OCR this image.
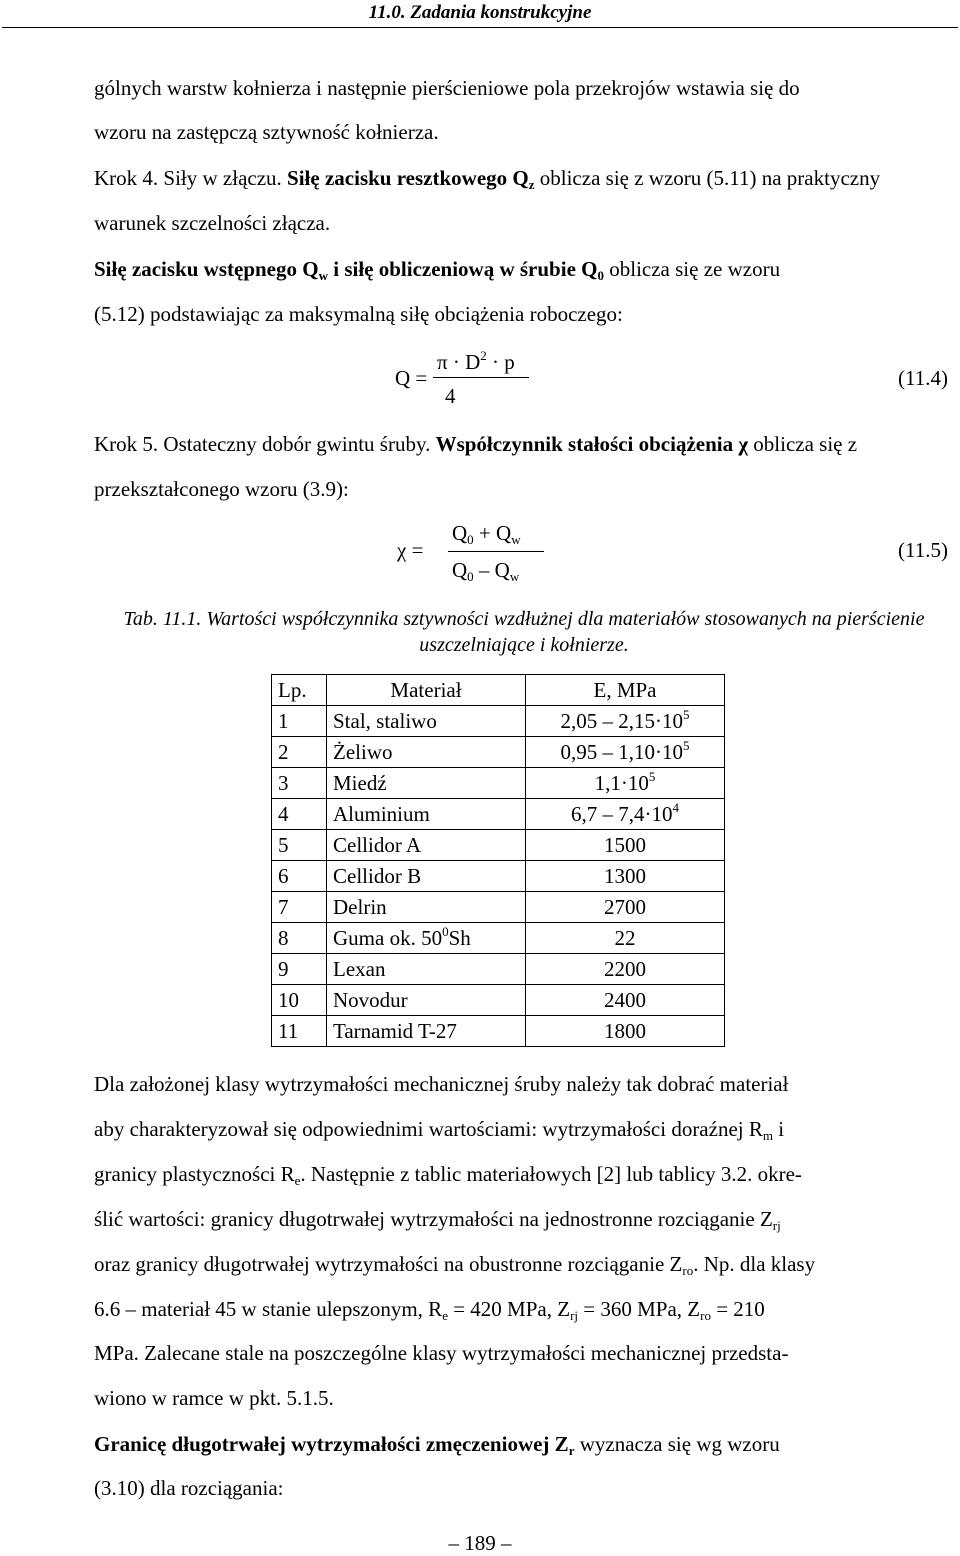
11.0. Zadania konstrukcyjne
gólnych warstw kołnierza i następnie pierścieniowe pola przekrojów wstawia się do
wzoru na zastępczą sztywność kołnierza.
Krok 4. Siły w złączu. Siłę zacisku resztkowego $Q_z$ oblicza się z wzoru (5.11) na praktyczny
warunek szczelności złącza.
Siłę zacisku wstępnego $Q_w$ i siłę obliczeniową w śrubie $Q_0$ oblicza się ze wzoru
(5.12) podstawiając za maksymalną siłę obciążenia roboczego:
Q =
$\pi \cdot D^2 \cdot p$
4
(11.4)
Krok 5. Ostateczny dobór gwintu śruby. Współczynnik stałości obciążenia χ oblicza się z
przekształconego wzoru (3.9):
χ =
$Q_0 + Q_w$
$Q_0 - Q_w$
(11.5)
Tab. 11.1. Wartości współczynnika sztywności wzdłużnej dla materiałów stosowanych na pierścienie
uszczelniające i kołnierze.
Lp.	Materiał	E, MPa
1	Stal, staliwo	$2,05 - 2,15\cdot 10^5$
2	Żeliwo	$0,95 - 1,10\cdot 10^5$
3	Miedź	$1,1\cdot 10^5$
4	Aluminium	$6,7 - 7,4\cdot 10^4$
5	Cellidor A	1500
6	Cellidor B	1300
7	Delrin	2700
8	Guma ok. $50^0Sh$	22
9	Lexan	2200
10	Novodur	2400
11	Tarnamid T-27	1800
Dla założonej klasy wytrzymałości mechanicznej śruby należy tak dobrać materiał
aby charakteryzował się odpowiednimi wartościami: wytrzymałości doraźnej $R_m$ i
granicy plastyczności $R_e$. Następnie z tablic materiałowych [2] lub tablicy 3.2. okre-
ślić wartości: granicy długotrwałej wytrzymałości na jednostronne rozciąganie $Z_{rj}$
oraz granicy długotrwałej wytrzymałości na obustronne rozciąganie $Z_{ro}$. Np. dla klasy
6.6 – materiał 45 w stanie ulepszonym, $R_e = 420$ MPa, $Z_{rj} = 360$ MPa, $Z_{ro} = 210$
MPa. Zalecane stale na poszczególne klasy wytrzymałości mechanicznej przedsta-
wiono w ramce w pkt. 5.1.5.
Granicę długotrwałej wytrzymałości zmęczeniowej $Z_r$ wyznacza się wg wzoru
(3.10) dla rozciągania:
– 189 –
